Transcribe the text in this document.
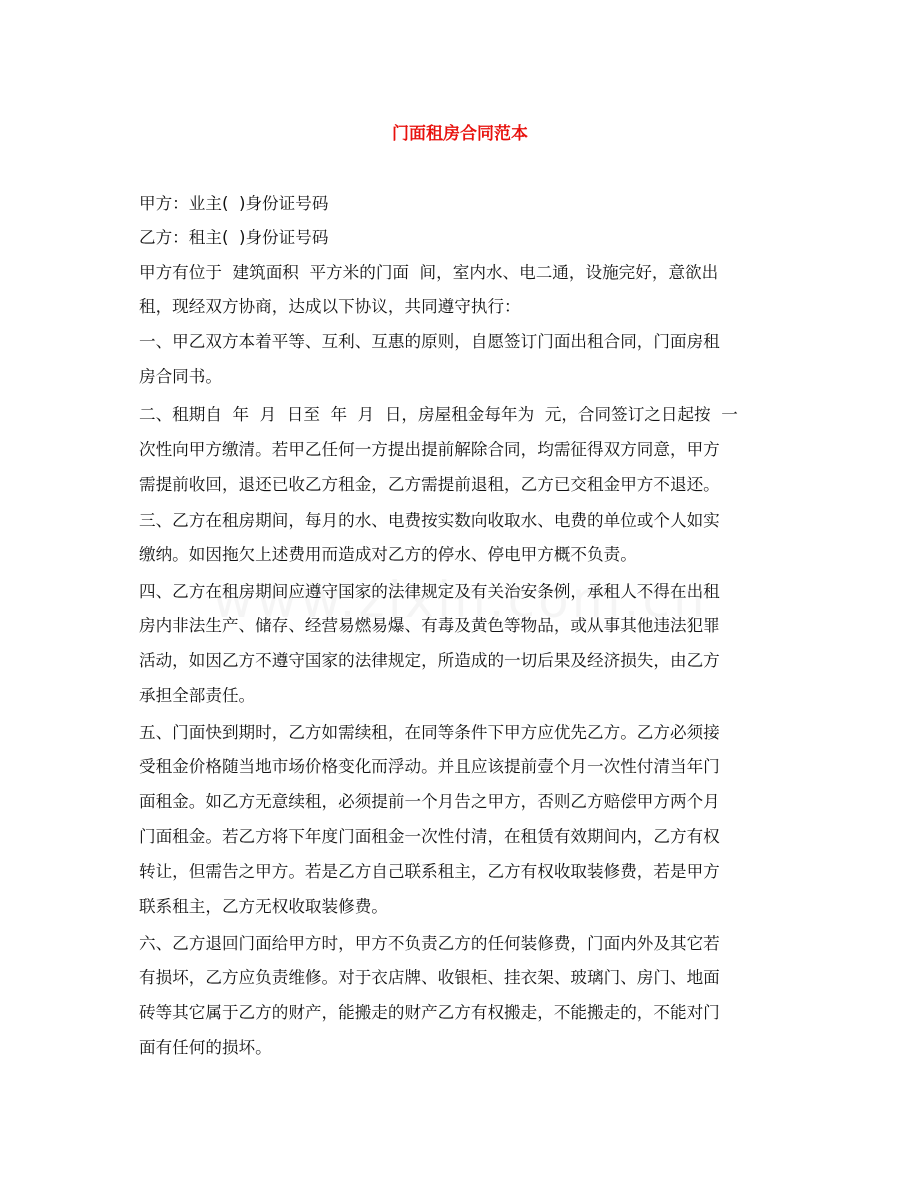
门面租房合同范本
甲方：业主(  )身份证号码
乙方：租主(  )身份证号码
甲方有位于  建筑面积  平方米的门面  间，室内水、电二通，设施完好，意欲出
租，现经双方协商，达成以下协议，共同遵守执行：
一、甲乙双方本着平等、互利、互惠的原则，自愿签订门面出租合同，门面房租
房合同书。
二、租期自  年  月  日至  年  月  日，房屋租金每年为  元，合同签订之日起按  一
次性向甲方缴清。若甲乙任何一方提出提前解除合同，均需征得双方同意，甲方
需提前收回，退还已收乙方租金，乙方需提前退租，乙方已交租金甲方不退还。
三、乙方在租房期间，每月的水、电费按实数向收取水、电费的单位或个人如实
缴纳。如因拖欠上述费用而造成对乙方的停水、停电甲方概不负责。
四、乙方在租房期间应遵守国家的法律规定及有关治安条例，承租人不得在出租
房内非法生产、储存、经营易燃易爆、有毒及黄色等物品，或从事其他违法犯罪
活动，如因乙方不遵守国家的法律规定，所造成的一切后果及经济损失，由乙方
承担全部责任。
五、门面快到期时，乙方如需续租，在同等条件下甲方应优先乙方。乙方必须接
受租金价格随当地市场价格变化而浮动。并且应该提前壹个月一次性付清当年门
面租金。如乙方无意续租，必须提前一个月告之甲方，否则乙方赔偿甲方两个月
门面租金。若乙方将下年度门面租金一次性付清，在租赁有效期间内，乙方有权
转让，但需告之甲方。若是乙方自己联系租主，乙方有权收取装修费，若是甲方
联系租主，乙方无权收取装修费。
六、乙方退回门面给甲方时，甲方不负责乙方的任何装修费，门面内外及其它若
有损坏，乙方应负责维修。对于衣店牌、收银柜、挂衣架、玻璃门、房门、地面
砖等其它属于乙方的财产，能搬走的财产乙方有权搬走，不能搬走的，不能对门
面有任何的损坏。
